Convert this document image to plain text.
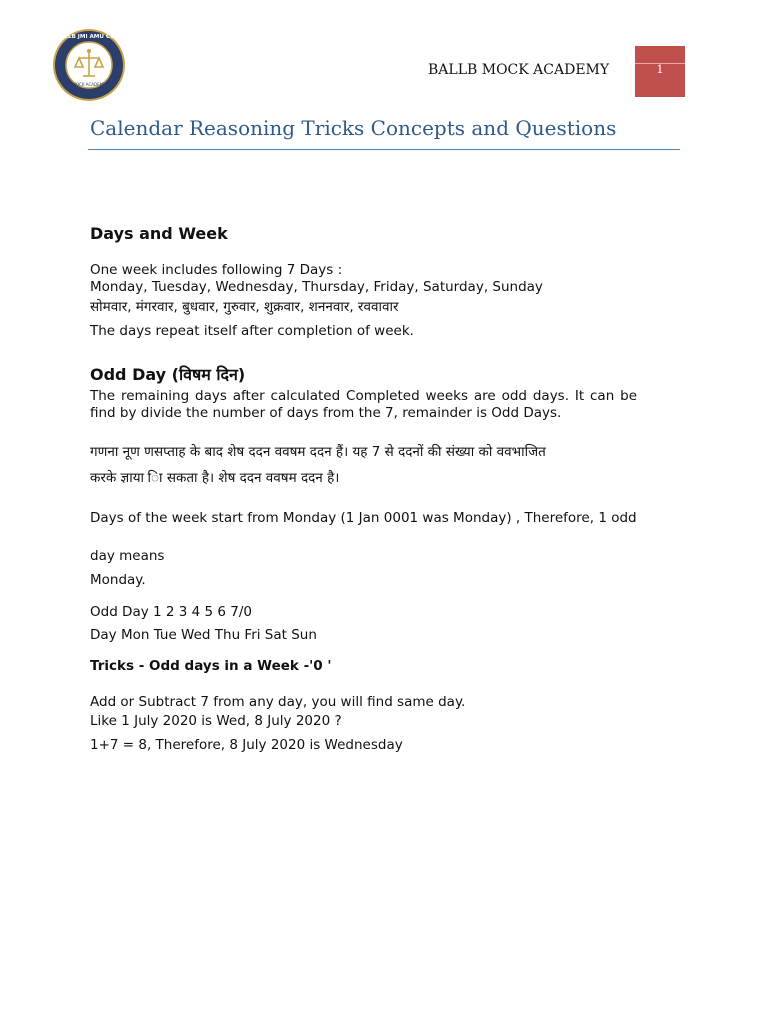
MOCK ACADEMY
BALLB JMI AMU CUET
BALLB MOCK ACADEMY	1
Calendar Reasoning Tricks Concepts and Questions
Days and Week
One week includes following 7 Days :
Monday, Tuesday, Wednesday, Thursday, Friday, Saturday, Sunday
सोमवार, मंगरवार, बुधवार, गुरुवार, शुक्रवार, शननवार, रववावार
The days repeat itself after completion of week.
Odd Day (विषम दिन)
The remaining days after calculated Completed weeks are odd days. It can be find by divide the number of days from the 7, remainder is Odd Days.
गणना नूण णसप्ताह के बाद शेष ददन ववषम ददन हैं। यह 7 से ददनों की संख्या को ववभाजित
करके ज्ञाया िा सकता है। शेष ददन ववषम ददन है।
Days of the week start from Monday (1 Jan 0001 was Monday) , Therefore, 1 odd
day means
Monday.
Odd Day 1 2 3 4 5 6 7/0
Day Mon Tue Wed Thu Fri Sat Sun
Tricks - Odd days in a Week -'0 '
Add or Subtract 7 from any day, you will find same day.
Like 1 July 2020 is Wed, 8 July 2020 ?
1+7 = 8, Therefore, 8 July 2020 is Wednesday
